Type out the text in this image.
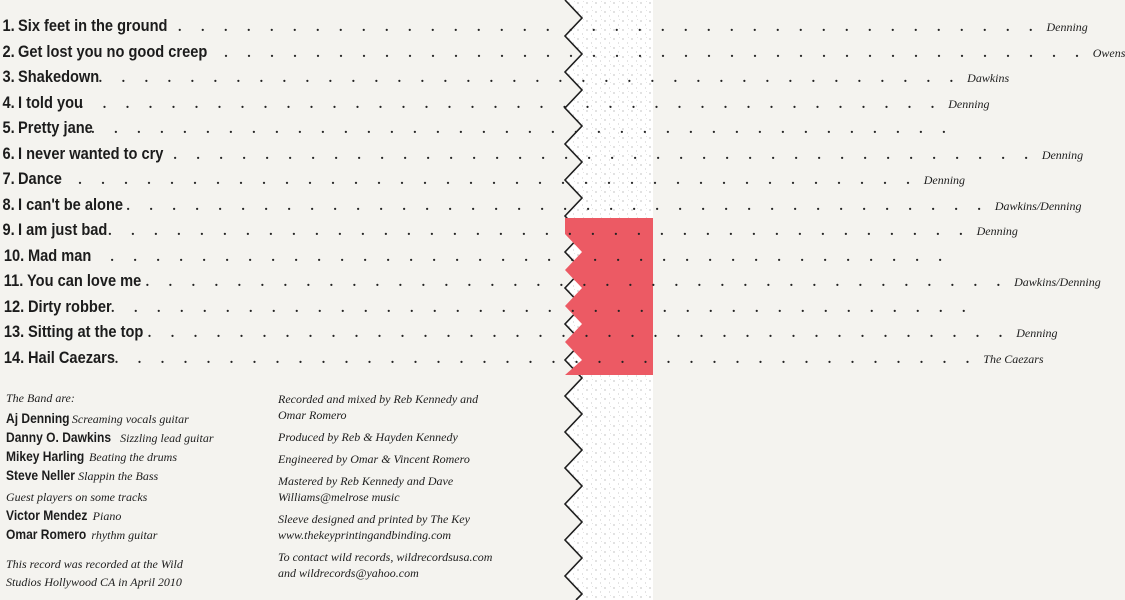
1. Six feet in the ground . . . . . . . . . . . . . . . . . . . . . . . . . . . . . . . . . . . . . . Denning
2. Get lost you no good creep	. . . . . . . . . . . . . . . . . . . . . . . . . . . . . . . . . . . . . . Owens
3. Shakedown . . . . . . . . . . . . . . . . . . . . . . . . . . . . . . . . . . . . . . Dawkins
4. I told you
. . . . . . . . . . . . . . . . . . . . . . . . . . . . . . . . . . . . . . Denning
5. Pretty jane
. . . . . . . . . . . . . . . . . . . . . . . . . . . . . . . . . . . . . .
6. I never wanted to cry . . . . . . . . . . . . . . . . . . . . . . . . . . . . . . . . . . . . . . Denning
7. Dance
. . . . . . . . . . . . . . . . . . . . . . . . . . . . . . . . . . . . . . Denning
8. I can't be alone . . . . . . . . . . . . . . . . . . . . . . . . . . . . . . . . . . . . . . Dawkins/Denning
9. I am just bad . . . . . . . . . . . . . . . . . . . . . . . . . . . . . . . . . . . . . . Denning
10. Mad man
. . . . . . . . . . . . . . . . . . . . . . . . . . . . . . . . . . . . . .
11. You can love me . . . . . . . . . . . . . . . . . . . . . . . . . . . . . . . . . . . . . . Dawkins/Denning
12. Dirty robber . . . . . . . . . . . . . . . . . . . . . . . . . . . . . . . . . . . . . .
13. Sitting at the top . . . . . . . . . . . . . . . . . . . . . . . . . . . . . . . . . . . . . . Denning
14. Hail Caezars . . . . . . . . . . . . . . . . . . . . . . . . . . . . . . . . . . . . . . The Caezars
The Band are:
Aj Denning Screaming vocals guitar
Danny O. Dawkins Sizzling lead guitar
Mikey Harling Beating the drums
Steve Neller Slappin the Bass
Guest players on some tracks
Victor Mendez Piano
Omar Romero rhythm guitar
This record was recorded at the Wild
Studios Hollywood CA in April 2010
Recorded and mixed by Reb Kennedy and
Omar Romero
Produced by Reb & Hayden Kennedy
Engineered by Omar & Vincent Romero
Mastered by Reb Kennedy and Dave
Williams@melrose music
Sleeve designed and printed by The Key
www.thekeyprintingandbinding.com
To contact wild records, wildrecordsusa.com
and wildrecords@yahoo.com
